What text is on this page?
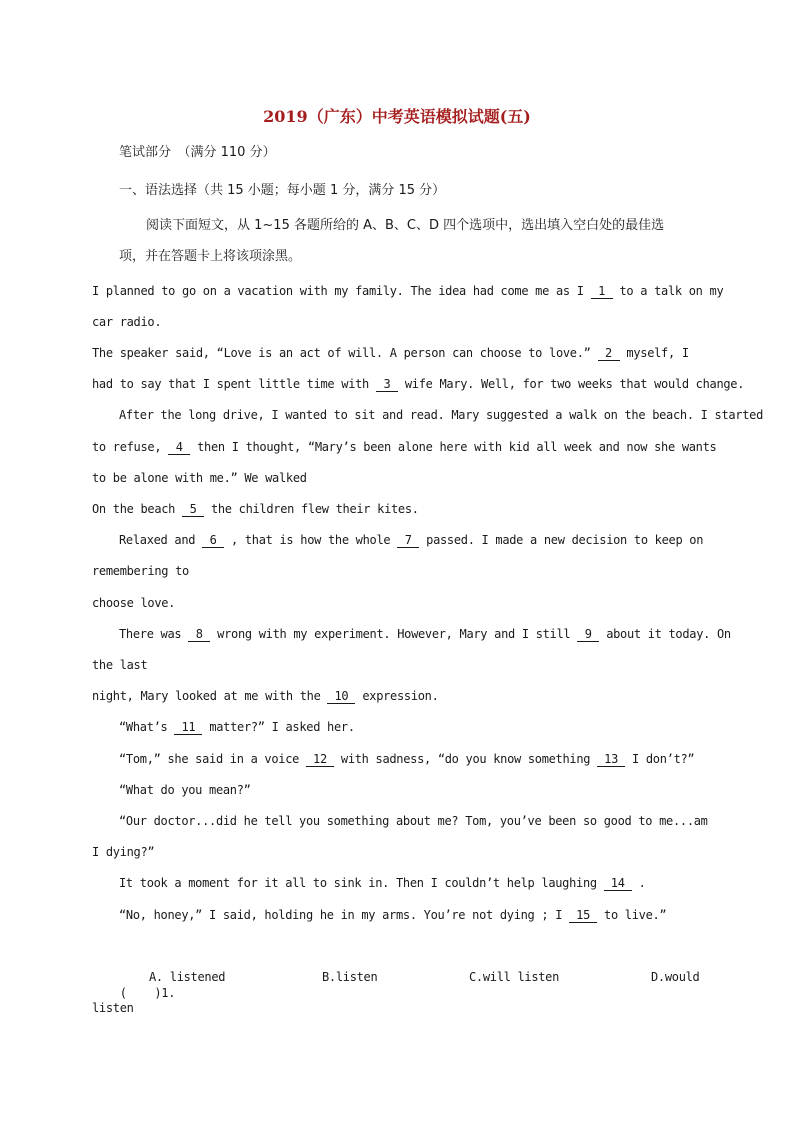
2019（广东）中考英语模拟试题(五)
笔试部分　（满分 110 分）
一、语法选择（共 15 小题；每小题 1 分，满分 15 分）
阅读下面短文，从 1~15 各题所给的 A、B、C、D 四个选项中，选出填入空白处的最佳选
项，并在答题卡上将该项涂黑。
I planned to go on a vacation with my family. The idea had come me as I 1 to a talk on my
car radio.
The speaker said, “Love is an act of will. A person can choose to love.” 2 myself, I
had to say that I spent little time with 3 wife Mary. Well, for two weeks that would change.
After the long drive, I wanted to sit and read. Mary suggested a walk on the beach. I started
to refuse, 4 then I thought, “Mary’s been alone here with kid all week and now she wants
to be alone with me.” We walked
On the beach 5 the children flew their kites.
Relaxed and 6 , that is how the whole 7 passed. I made a new decision to keep on
remembering to
choose love.
There was 8 wrong with my experiment. However, Mary and I still 9 about it today. On
the last
night, Mary looked at me with the 10 expression.
“What’s 11 matter?” I asked her.
“Tom,” she said in a voice 12 with sadness, “do you know something 13 I don’t?”
“What do you mean?”
“Our doctor...did he tell you something about me? Tom, you’ve been so good to me...am
I dying?”
It took a moment for it all to sink in. Then I couldn’t help laughing 14 .
“No, honey,” I said, holding he in my arms. You’re not dying ; I 15 to live.”

(    )1.

A. listened	B.listen	C.will listen	D.would
listen
